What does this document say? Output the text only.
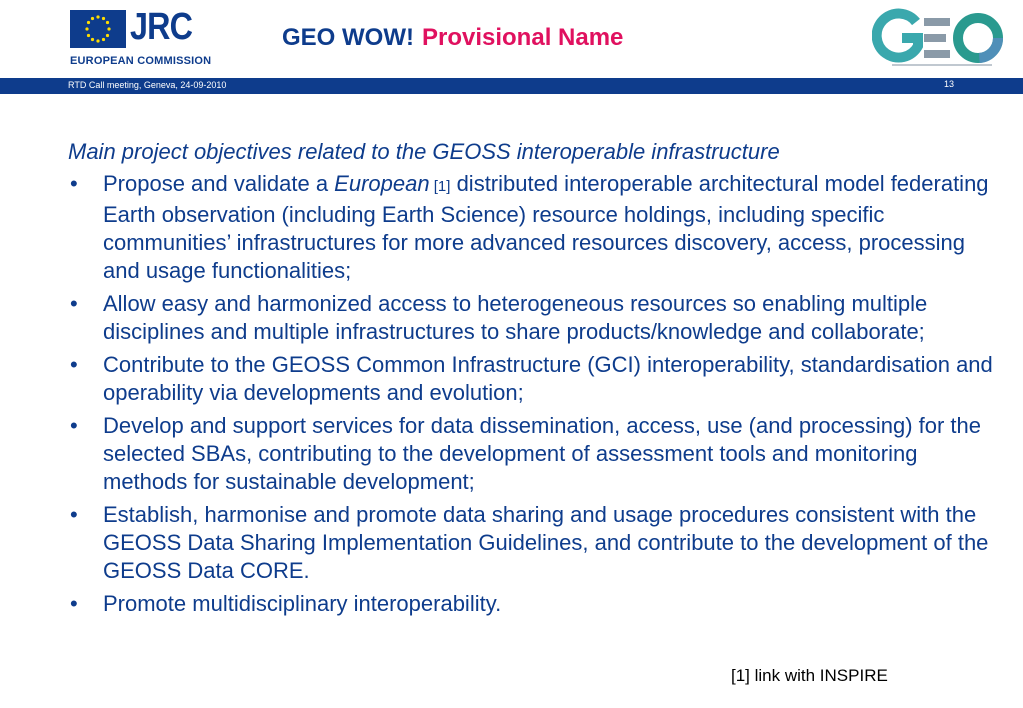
JRC
EUROPEAN COMMISSION
GEO WOW! Provisional Name
RTD Call meeting, Geneva, 24-09-2010	13

Main project objectives related to the GEOSS interoperable infrastructure

• Propose and validate a European [1] distributed interoperable architectural model federating Earth observation (including Earth Science) resource holdings, including specific communities’ infrastructures for more advanced resources discovery, access, processing and usage functionalities;
• Allow easy and harmonized access to heterogeneous resources so enabling multiple disciplines and multiple infrastructures to share products/knowledge and collaborate;
• Contribute to the GEOSS Common Infrastructure (GCI) interoperability, standardisation and operability via developments and evolution;
• Develop and support services for data dissemination, access, use (and processing) for the selected SBAs, contributing to the development of assessment tools and monitoring methods for sustainable development;
• Establish, harmonise and promote data sharing and usage procedures consistent with the GEOSS Data Sharing Implementation Guidelines, and contribute to the development of the GEOSS Data CORE.
• Promote multidisciplinary interoperability.
[1] link with INSPIRE
